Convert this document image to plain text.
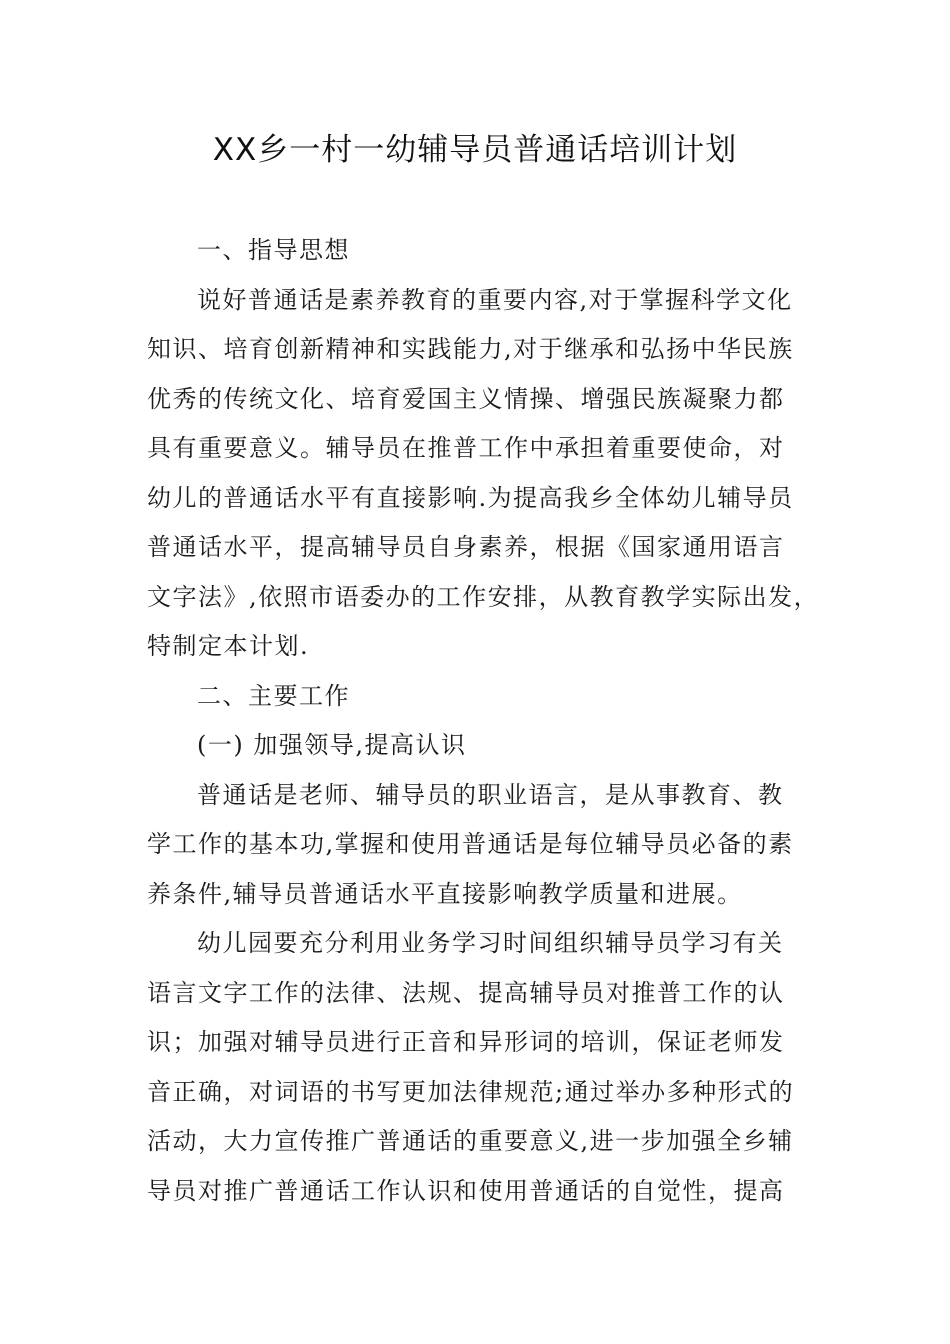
XX乡一村一幼辅导员普通话培训计划
一、指导思想
说好普通话是素养教育的重要内容,对于掌握科学文化
知识、培育创新精神和实践能力,对于继承和弘扬中华民族
优秀的传统文化、培育爱国主义情操、增强民族凝聚力都
具有重要意义。辅导员在推普工作中承担着重要使命，对
幼儿的普通话水平有直接影响.为提高我乡全体幼儿辅导员
普通话水平，提高辅导员自身素养，根据《国家通用语言
文字法》,依照市语委办的工作安排，从教育教学实际出发，
特制定本计划.
二、主要工作
(一) 加强领导,提高认识
普通话是老师、辅导员的职业语言，是从事教育、教
学工作的基本功,掌握和使用普通话是每位辅导员必备的素
养条件,辅导员普通话水平直接影响教学质量和进展。
幼儿园要充分利用业务学习时间组织辅导员学习有关
语言文字工作的法律、法规、提高辅导员对推普工作的认
识；加强对辅导员进行正音和异形词的培训，保证老师发
音正确，对词语的书写更加法律规范;通过举办多种形式的
活动，大力宣传推广普通话的重要意义,进一步加强全乡辅
导员对推广普通话工作认识和使用普通话的自觉性，提高
